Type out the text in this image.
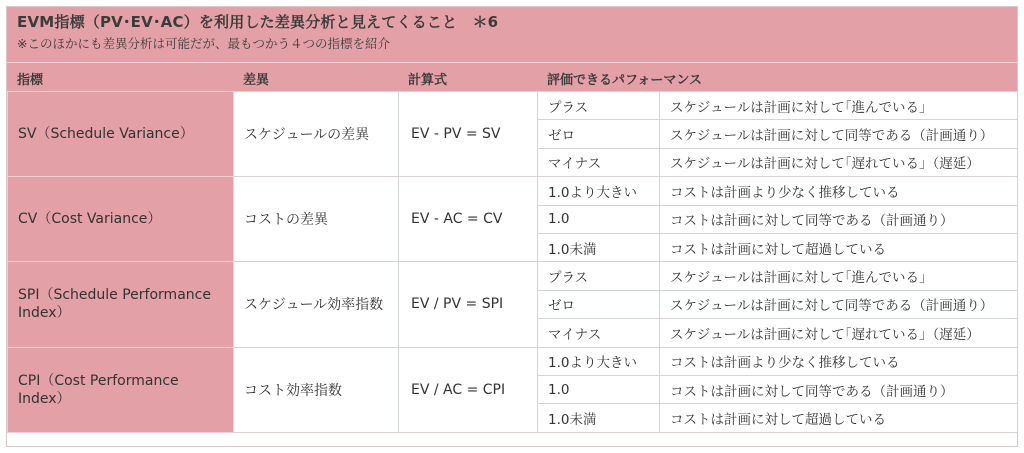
EVM指標（PV･EV･AC）を利用した差異分析と見えてくること　＊6
※このほかにも差異分析は可能だが、最もつかう４つの指標を紹介
指標	差異	計算式	評価できるパフォーマンス
SV（Schedule Variance）	スケジュールの差異	EV - PV = SV	プラス	スケジュールは計画に対して｢進んでいる｣
			ゼロ	スケジュールは計画に対して同等である（計画通り）
			マイナス	スケジュールは計画に対して｢遅れている｣（遅延）
CV（Cost Variance）	コストの差異	EV - AC = CV	1.0より大きい	コストは計画より少なく推移している
			1.0	コストは計画に対して同等である（計画通り）
			1.0未満	コストは計画に対して超過している
SPI（Schedule Performance Index）	スケジュール効率指数	EV / PV = SPI	プラス	スケジュールは計画に対して｢進んでいる｣
			ゼロ	スケジュールは計画に対して同等である（計画通り）
			マイナス	スケジュールは計画に対して｢遅れている｣（遅延）
CPI（Cost Performance Index）	コスト効率指数	EV / AC = CPI	1.0より大きい	コストは計画より少なく推移している
			1.0	コストは計画に対して同等である（計画通り）
			1.0未満	コストは計画に対して超過している
